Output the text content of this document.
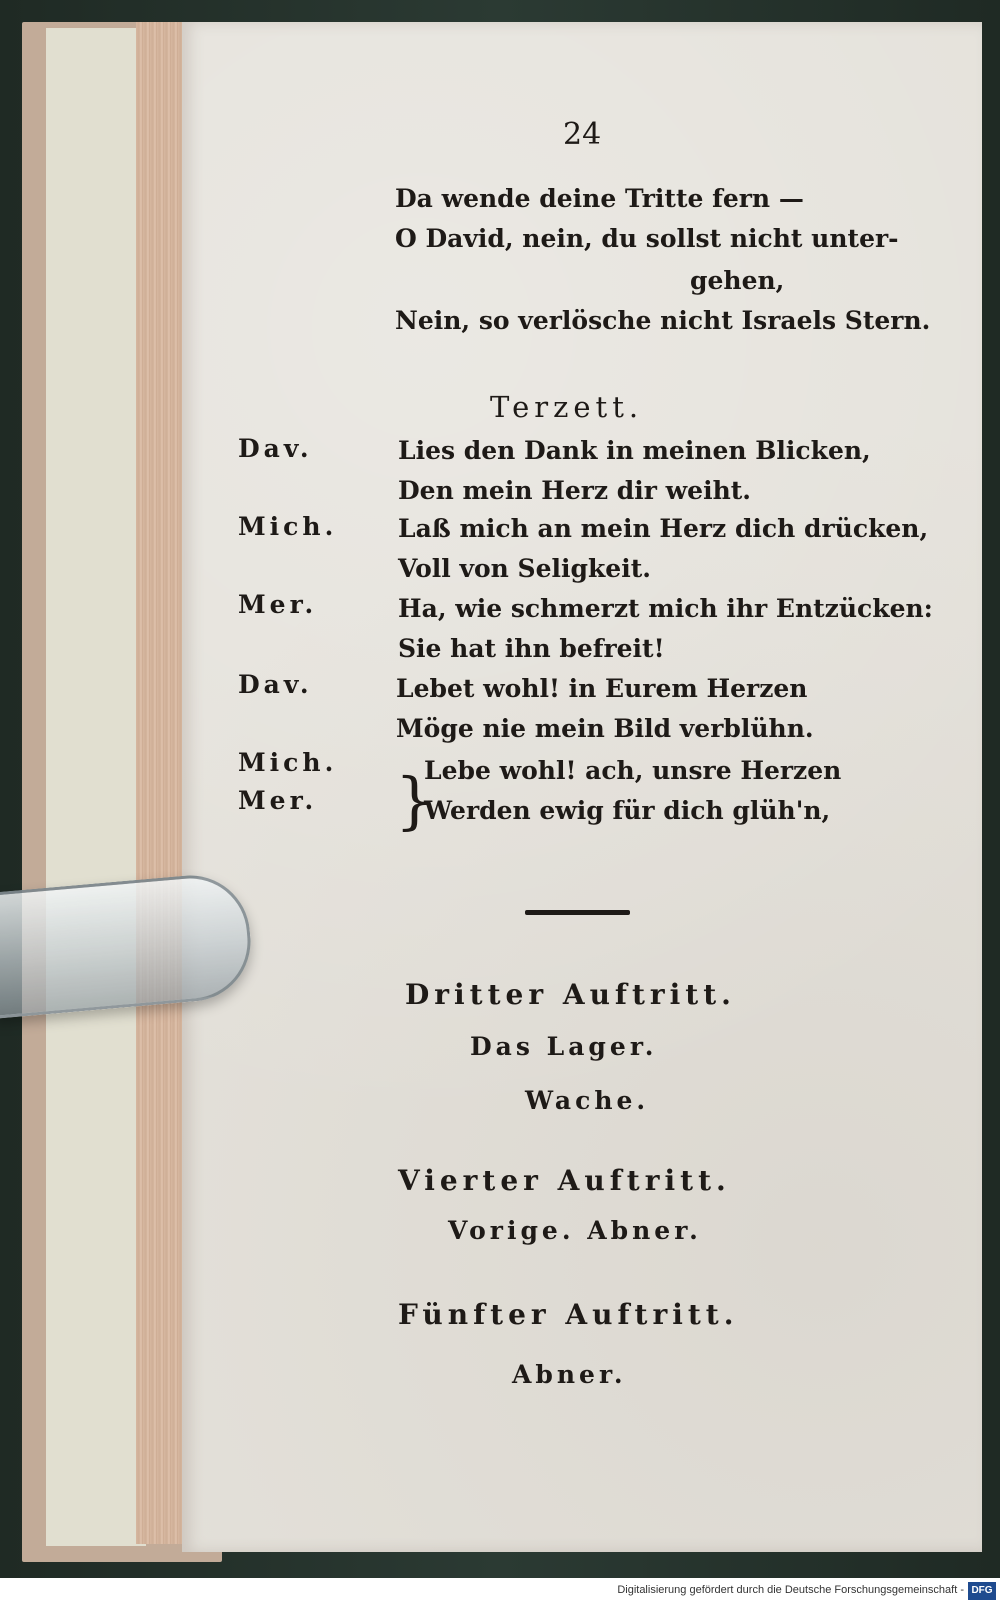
24
Da wende deine Tritte fern —
O David, nein, du sollst nicht unter-
gehen,
Nein, so verlösche nicht Israels Stern.
Terzett.
Dav.
Mich.
Mer.
Dav.
Mich.
Mer.
Lies den Dank in meinen Blicken,
Den mein Herz dir weiht.
Laß mich an mein Herz dich drücken,
Voll von Seligkeit.
Ha, wie schmerzt mich ihr Entzücken:
Sie hat ihn befreit!
Lebet wohl! in Eurem Herzen
Möge nie mein Bild verblühn.
}
Lebe wohl! ach, unsre Herzen
Werden ewig für dich glüh'n,
Dritter Auftritt.
Das Lager.
Wache.
Vierter Auftritt.
Vorige. Abner.
Fünfter Auftritt.
Abner.
Digitalisierung gefördert durch die Deutsche Forschungsgemeinschaft - DFG
